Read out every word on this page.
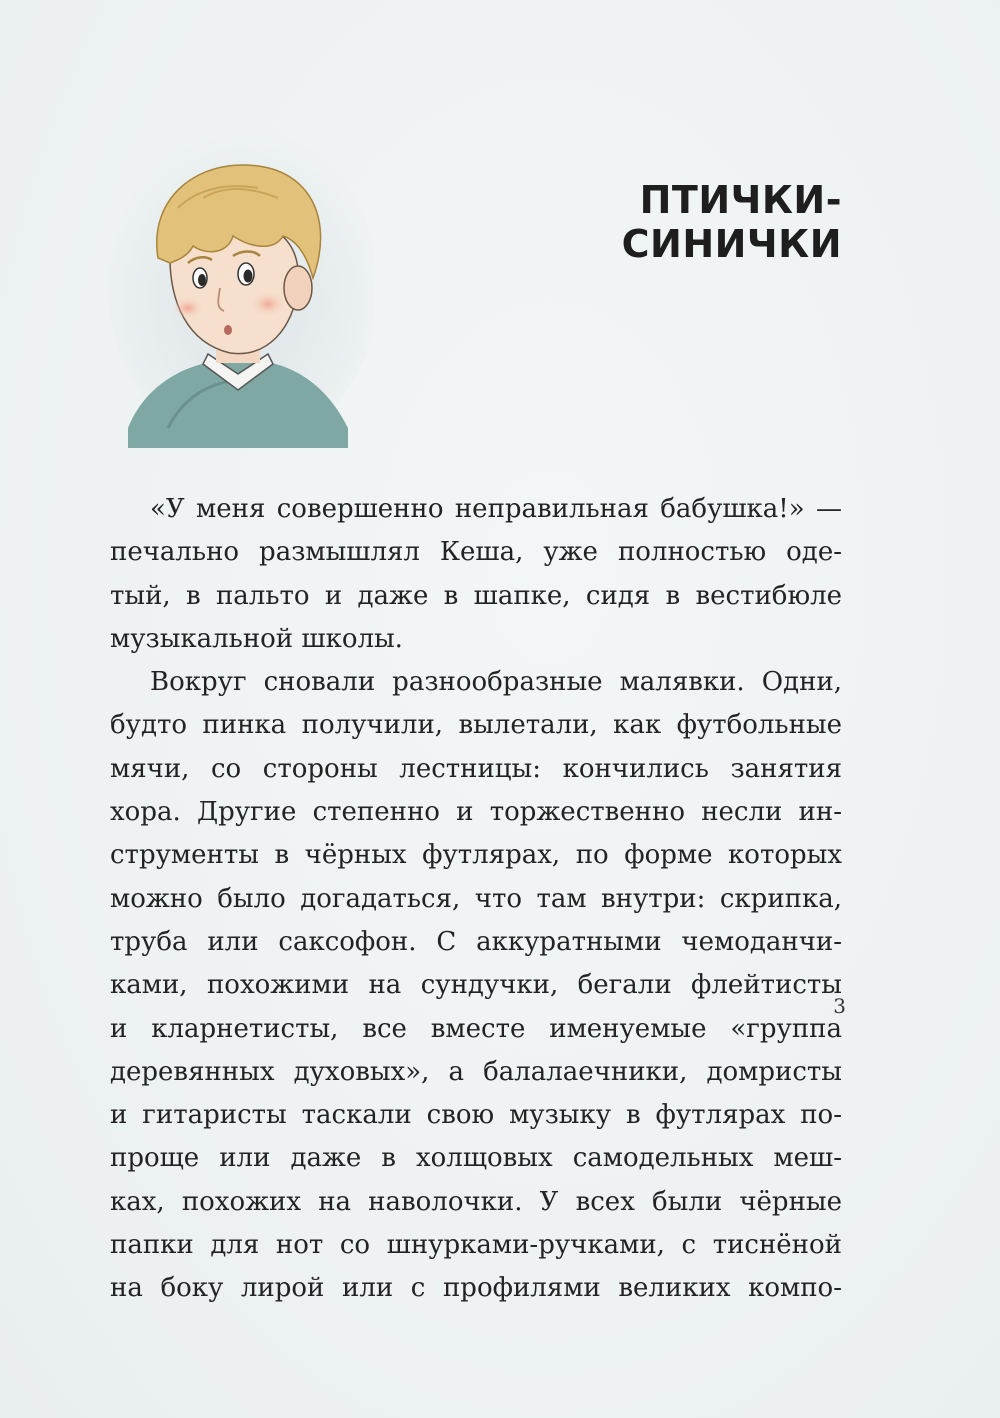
ПТИЧКИ-СИНИЧКИ
«У меня совершенно неправильная бабушка!» —
печально размышлял Кеша, уже полностью оде-
тый, в пальто и даже в шапке, сидя в вестибюле
музыкальной школы.
Вокруг сновали разнообразные малявки. Одни,
будто пинка получили, вылетали, как футбольные
мячи, со стороны лестницы: кончились занятия
хора. Другие степенно и торжественно несли ин-
струменты в чёрных футлярах, по форме которых
можно было догадаться, что там внутри: скрипка,
труба или саксофон. С аккуратными чемоданчи-
ками, похожими на сундучки, бегали флейтисты
и кларнетисты, все вместе именуемые «группа
деревянных духовых», а балалаечники, домристы
и гитаристы таскали свою музыку в футлярах по-
проще или даже в холщовых самодельных меш-
ках, похожих на наволочки. У всех были чёрные
папки для нот со шнурками-ручками, с тиснёной
на боку лирой или с профилями великих компо-
3
